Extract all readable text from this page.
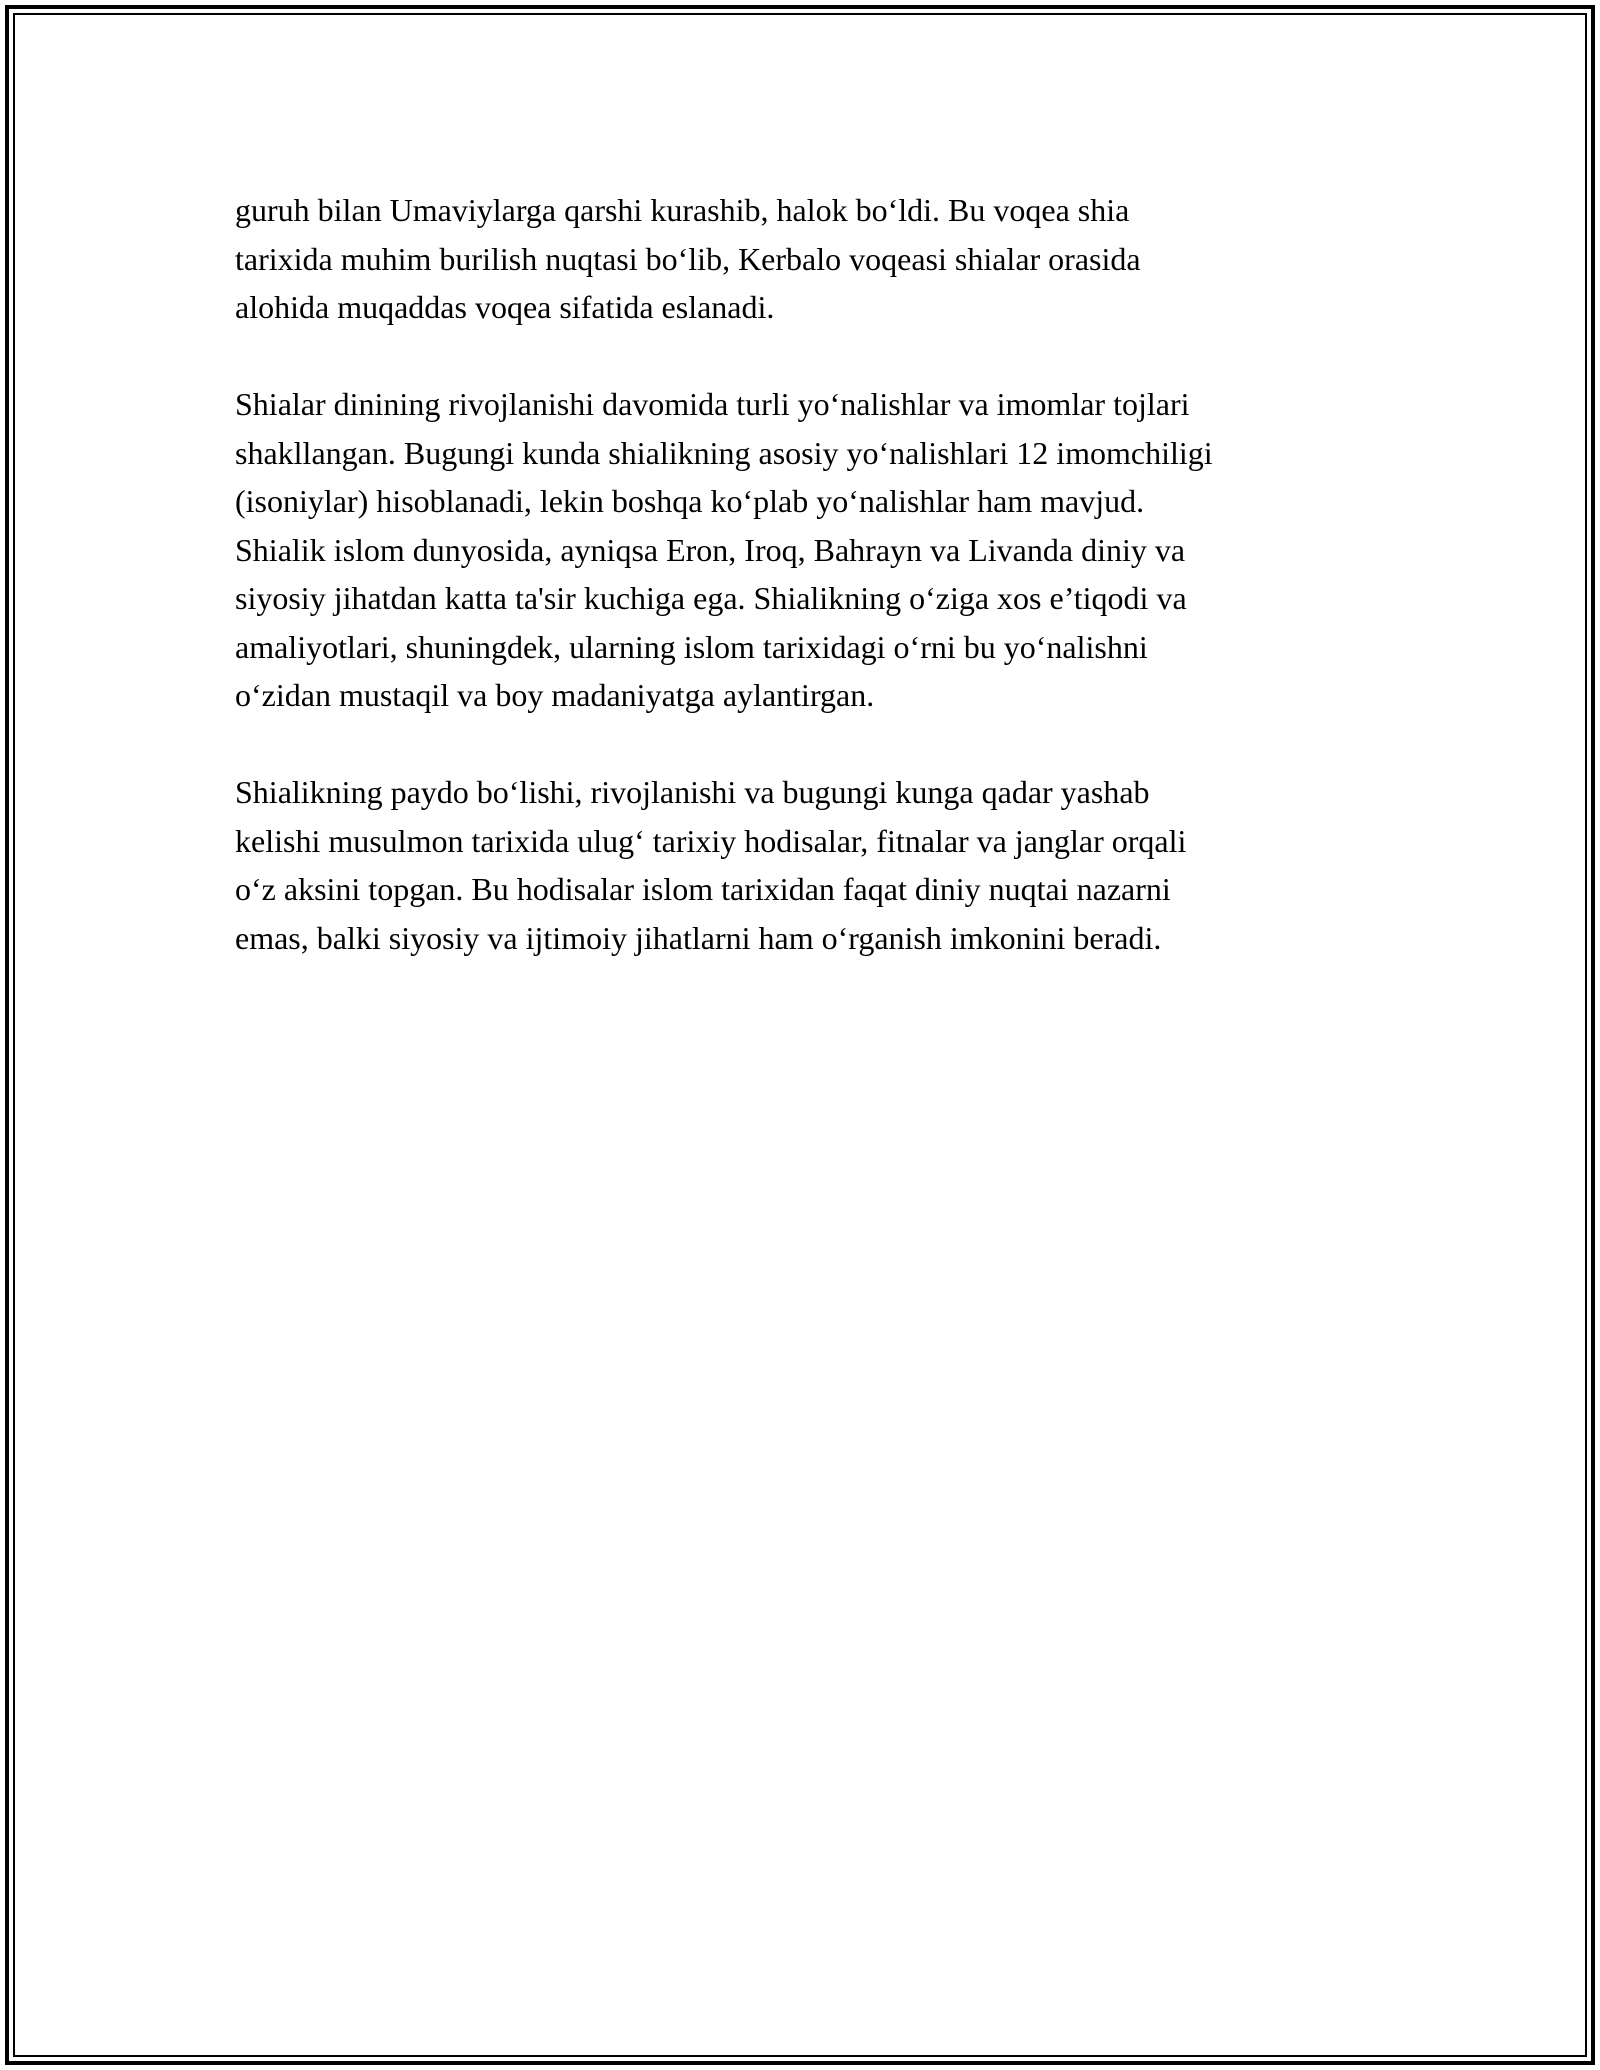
guruh bilan Umaviylarga qarshi kurashib, halok bo‘ldi. Bu voqea shia
tarixida muhim burilish nuqtasi bo‘lib, Kerbalo voqeasi shialar orasida
alohida muqaddas voqea sifatida eslanadi.

Shialar dinining rivojlanishi davomida turli yo‘nalishlar va imomlar tojlari
shakllangan. Bugungi kunda shialikning asosiy yo‘nalishlari 12 imomchiligi
(isoniylar) hisoblanadi, lekin boshqa ko‘plab yo‘nalishlar ham mavjud.
Shialik islom dunyosida, ayniqsa Eron, Iroq, Bahrayn va Livanda diniy va
siyosiy jihatdan katta ta'sir kuchiga ega. Shialikning o‘ziga xos e’tiqodi va
amaliyotlari, shuningdek, ularning islom tarixidagi o‘rni bu yo‘nalishni
o‘zidan mustaqil va boy madaniyatga aylantirgan.

Shialikning paydo bo‘lishi, rivojlanishi va bugungi kunga qadar yashab
kelishi musulmon tarixida ulug‘ tarixiy hodisalar, fitnalar va janglar orqali
o‘z aksini topgan. Bu hodisalar islom tarixidan faqat diniy nuqtai nazarni
emas, balki siyosiy va ijtimoiy jihatlarni ham o‘rganish imkonini beradi.
